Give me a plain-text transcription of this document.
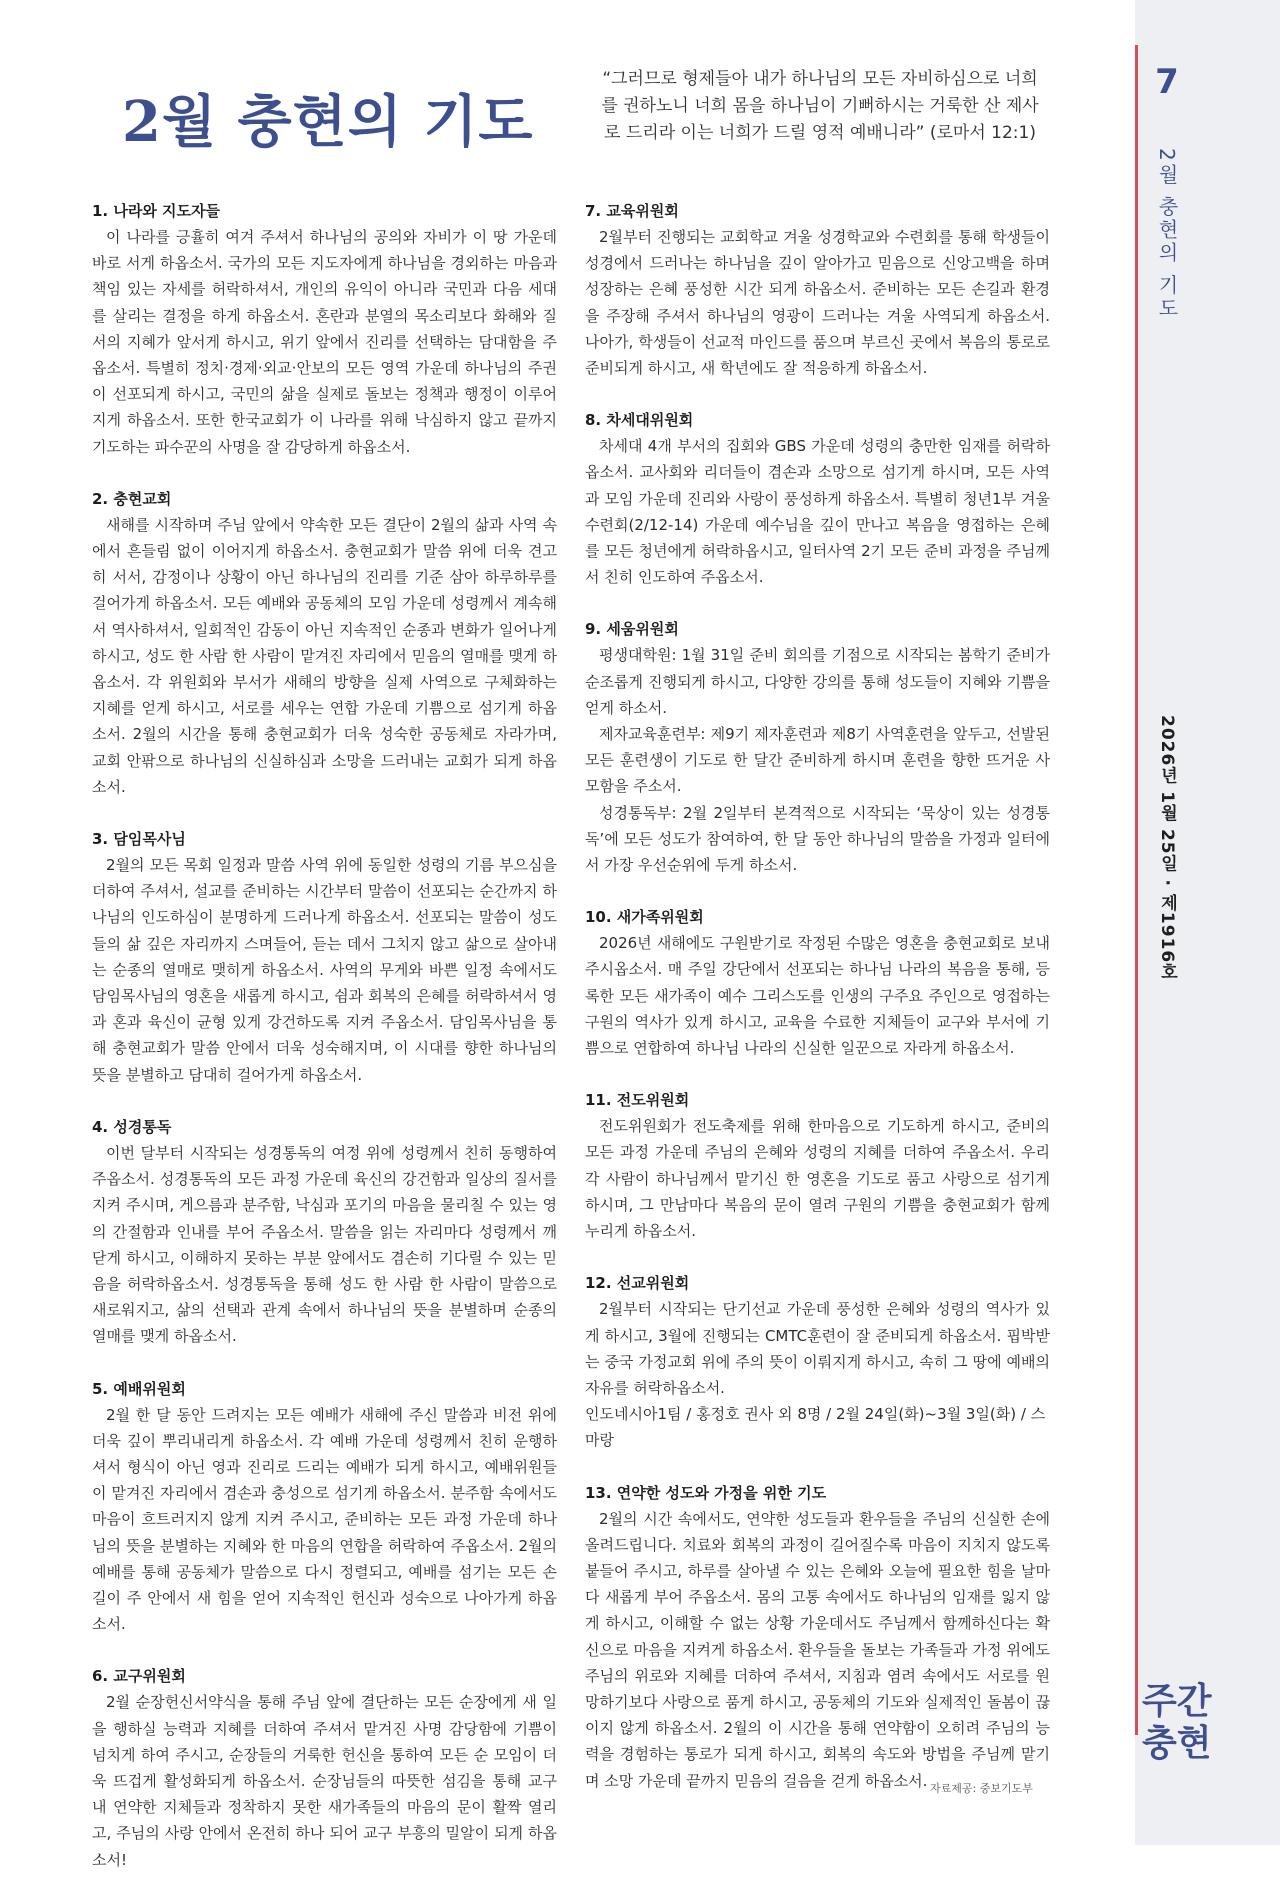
7
2월 충현의 기도
2026년 1월 25일 · 제1916호
주간
충현
2월 충현의 기도
“그러므로 형제들아 내가 하나님의 모든 자비하심으로 너희를 권하노니 너희 몸을 하나님이 기뻐하시는 거룩한 산 제사로 드리라 이는 너희가 드릴 영적 예배니라” (로마서 12:1)
1. 나라와 지도자들

이 나라를 긍휼히 여겨 주셔서 하나님의 공의와 자비가 이 땅 가운데 바로 서게 하옵소서. 국가의 모든 지도자에게 하나님을 경외하는 마음과 책임 있는 자세를 허락하셔서, 개인의 유익이 아니라 국민과 다음 세대를 살리는 결정을 하게 하옵소서. 혼란과 분열의 목소리보다 화해와 질서의 지혜가 앞서게 하시고, 위기 앞에서 진리를 선택하는 담대함을 주옵소서. 특별히 정치·경제·외교·안보의 모든 영역 가운데 하나님의 주권이 선포되게 하시고, 국민의 삶을 실제로 돌보는 정책과 행정이 이루어지게 하옵소서. 또한 한국교회가 이 나라를 위해 낙심하지 않고 끝까지 기도하는 파수꾼의 사명을 잘 감당하게 하옵소서.

2. 충현교회

새해를 시작하며 주님 앞에서 약속한 모든 결단이 2월의 삶과 사역 속에서 흔들림 없이 이어지게 하옵소서. 충현교회가 말씀 위에 더욱 견고히 서서, 감정이나 상황이 아닌 하나님의 진리를 기준 삼아 하루하루를 걸어가게 하옵소서. 모든 예배와 공동체의 모임 가운데 성령께서 계속해서 역사하셔서, 일회적인 감동이 아닌 지속적인 순종과 변화가 일어나게 하시고, 성도 한 사람 한 사람이 맡겨진 자리에서 믿음의 열매를 맺게 하옵소서. 각 위원회와 부서가 새해의 방향을 실제 사역으로 구체화하는 지혜를 얻게 하시고, 서로를 세우는 연합 가운데 기쁨으로 섬기게 하옵소서. 2월의 시간을 통해 충현교회가 더욱 성숙한 공동체로 자라가며, 교회 안팎으로 하나님의 신실하심과 소망을 드러내는 교회가 되게 하옵소서.

3. 담임목사님

2월의 모든 목회 일정과 말씀 사역 위에 동일한 성령의 기름 부으심을 더하여 주셔서, 설교를 준비하는 시간부터 말씀이 선포되는 순간까지 하나님의 인도하심이 분명하게 드러나게 하옵소서. 선포되는 말씀이 성도들의 삶 깊은 자리까지 스며들어, 듣는 데서 그치지 않고 삶으로 살아내는 순종의 열매로 맺히게 하옵소서. 사역의 무게와 바쁜 일정 속에서도 담임목사님의 영혼을 새롭게 하시고, 쉼과 회복의 은혜를 허락하셔서 영과 혼과 육신이 균형 있게 강건하도록 지켜 주옵소서. 담임목사님을 통해 충현교회가 말씀 안에서 더욱 성숙해지며, 이 시대를 향한 하나님의 뜻을 분별하고 담대히 걸어가게 하옵소서.

4. 성경통독

이번 달부터 시작되는 성경통독의 여정 위에 성령께서 친히 동행하여 주옵소서. 성경통독의 모든 과정 가운데 육신의 강건함과 일상의 질서를 지켜 주시며, 게으름과 분주함, 낙심과 포기의 마음을 물리칠 수 있는 영의 간절함과 인내를 부어 주옵소서. 말씀을 읽는 자리마다 성령께서 깨닫게 하시고, 이해하지 못하는 부분 앞에서도 겸손히 기다릴 수 있는 믿음을 허락하옵소서. 성경통독을 통해 성도 한 사람 한 사람이 말씀으로 새로워지고, 삶의 선택과 관계 속에서 하나님의 뜻을 분별하며 순종의 열매를 맺게 하옵소서.

5. 예배위원회

2월 한 달 동안 드려지는 모든 예배가 새해에 주신 말씀과 비전 위에 더욱 깊이 뿌리내리게 하옵소서. 각 예배 가운데 성령께서 친히 운행하셔서 형식이 아닌 영과 진리로 드리는 예배가 되게 하시고, 예배위원들이 맡겨진 자리에서 겸손과 충성으로 섬기게 하옵소서. 분주함 속에서도 마음이 흐트러지지 않게 지켜 주시고, 준비하는 모든 과정 가운데 하나님의 뜻을 분별하는 지혜와 한 마음의 연합을 허락하여 주옵소서. 2월의 예배를 통해 공동체가 말씀으로 다시 정렬되고, 예배를 섬기는 모든 손길이 주 안에서 새 힘을 얻어 지속적인 헌신과 성숙으로 나아가게 하옵소서.

6. 교구위원회

2월 순장헌신서약식을 통해 주님 앞에 결단하는 모든 순장에게 새 일을 행하실 능력과 지혜를 더하여 주셔서 맡겨진 사명 감당함에 기쁨이 넘치게 하여 주시고, 순장들의 거룩한 헌신을 통하여 모든 순 모임이 더욱 뜨겁게 활성화되게 하옵소서. 순장님들의 따뜻한 섬김을 통해 교구 내 연약한 지체들과 정착하지 못한 새가족들의 마음의 문이 활짝 열리고, 주님의 사랑 안에서 온전히 하나 되어 교구 부흥의 밀알이 되게 하옵소서!

7. 교육위원회

2월부터 진행되는 교회학교 겨울 성경학교와 수련회를 통해 학생들이 성경에서 드러나는 하나님을 깊이 알아가고 믿음으로 신앙고백을 하며 성장하는 은혜 풍성한 시간 되게 하옵소서. 준비하는 모든 손길과 환경을 주장해 주셔서 하나님의 영광이 드러나는 겨울 사역되게 하옵소서. 나아가, 학생들이 선교적 마인드를 품으며 부르신 곳에서 복음의 통로로 준비되게 하시고, 새 학년에도 잘 적응하게 하옵소서.

8. 차세대위원회

차세대 4개 부서의 집회와 GBS 가운데 성령의 충만한 임재를 허락하옵소서. 교사회와 리더들이 겸손과 소망으로 섬기게 하시며, 모든 사역과 모임 가운데 진리와 사랑이 풍성하게 하옵소서. 특별히 청년1부 겨울수련회(2/12-14) 가운데 예수님을 깊이 만나고 복음을 영접하는 은혜를 모든 청년에게 허락하옵시고, 일터사역 2기 모든 준비 과정을 주님께서 친히 인도하여 주옵소서.

9. 세움위원회

평생대학원: 1월 31일 준비 회의를 기점으로 시작되는 봄학기 준비가 순조롭게 진행되게 하시고, 다양한 강의를 통해 성도들이 지혜와 기쁨을 얻게 하소서.

제자교육훈련부: 제9기 제자훈련과 제8기 사역훈련을 앞두고, 선발된 모든 훈련생이 기도로 한 달간 준비하게 하시며 훈련을 향한 뜨거운 사모함을 주소서.

성경통독부: 2월 2일부터 본격적으로 시작되는 ‘묵상이 있는 성경통독’에 모든 성도가 참여하여, 한 달 동안 하나님의 말씀을 가정과 일터에서 가장 우선순위에 두게 하소서.

10. 새가족위원회

2026년 새해에도 구원받기로 작정된 수많은 영혼을 충현교회로 보내주시옵소서. 매 주일 강단에서 선포되는 하나님 나라의 복음을 통해, 등록한 모든 새가족이 예수 그리스도를 인생의 구주요 주인으로 영접하는 구원의 역사가 있게 하시고, 교육을 수료한 지체들이 교구와 부서에 기쁨으로 연합하여 하나님 나라의 신실한 일꾼으로 자라게 하옵소서.

11. 전도위원회

전도위원회가 전도축제를 위해 한마음으로 기도하게 하시고, 준비의 모든 과정 가운데 주님의 은혜와 성령의 지혜를 더하여 주옵소서. 우리 각 사람이 하나님께서 맡기신 한 영혼을 기도로 품고 사랑으로 섬기게 하시며, 그 만남마다 복음의 문이 열려 구원의 기쁨을 충현교회가 함께 누리게 하옵소서.

12. 선교위원회

2월부터 시작되는 단기선교 가운데 풍성한 은혜와 성령의 역사가 있게 하시고, 3월에 진행되는 CMTC훈련이 잘 준비되게 하옵소서. 핍박받는 중국 가정교회 위에 주의 뜻이 이뤄지게 하시고, 속히 그 땅에 예배의 자유를 허락하옵소서.

인도네시아1팀 / 홍정호 권사 외 8명 / 2월 24일(화)~3월 3일(화) / 스마랑

13. 연약한 성도와 가정을 위한 기도

2월의 시간 속에서도, 연약한 성도들과 환우들을 주님의 신실한 손에 올려드립니다. 치료와 회복의 과정이 길어질수록 마음이 지치지 않도록 붙들어 주시고, 하루를 살아낼 수 있는 은혜와 오늘에 필요한 힘을 날마다 새롭게 부어 주옵소서. 몸의 고통 속에서도 하나님의 임재를 잃지 않게 하시고, 이해할 수 없는 상황 가운데서도 주님께서 함께하신다는 확신으로 마음을 지켜게 하옵소서. 환우들을 돌보는 가족들과 가정 위에도 주님의 위로와 지혜를 더하여 주셔서, 지침과 염려 속에서도 서로를 원망하기보다 사랑으로 품게 하시고, 공동체의 기도와 실제적인 돌봄이 끊이지 않게 하옵소서. 2월의 이 시간을 통해 연약함이 오히려 주님의 능력을 경험하는 통로가 되게 하시고, 회복의 속도와 방법을 주님께 맡기며 소망 가운데 끝까지 믿음의 걸음을 걷게 하옵소서. 자료제공: 중보기도부
